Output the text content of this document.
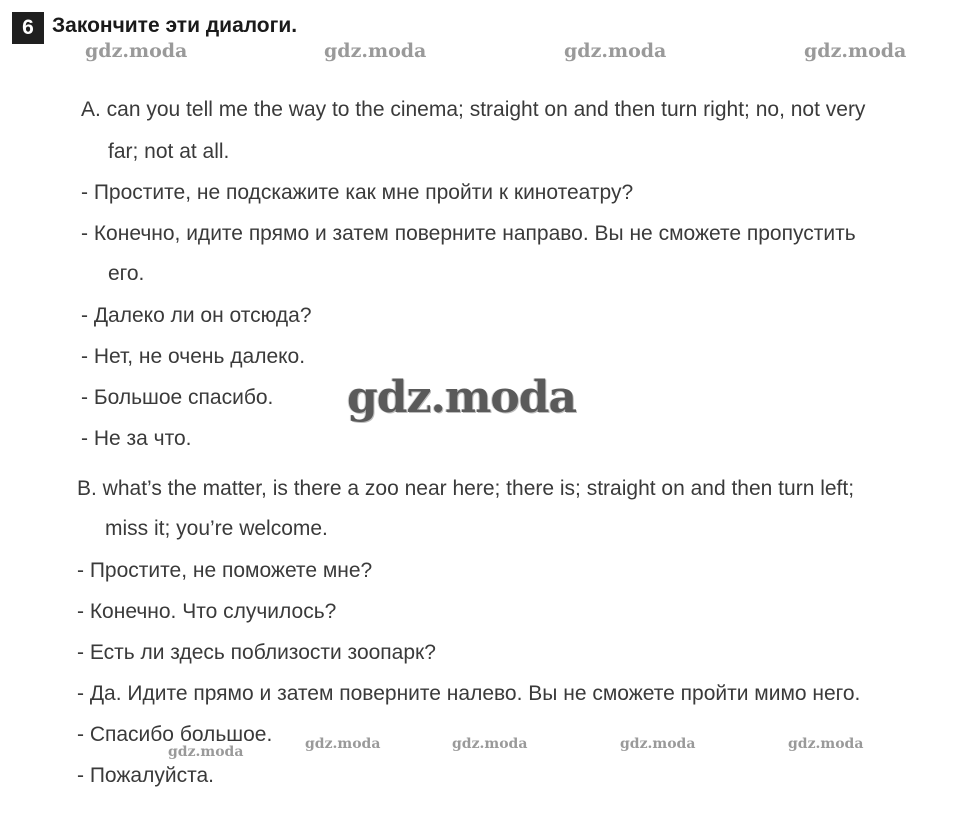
6 Закончите эти диалоги.
gdz.moda	gdz.moda	gdz.moda	gdz.moda
A. can you tell me the way to the cinema; straight on and then turn right; no, not very
far; not at all.
- Простите, не подскажите как мне пройти к кинотеатру?
- Конечно, идите прямо и затем поверните направо. Вы не сможете пропустить
его.
- Далеко ли он отсюда?
- Нет, не очень далеко.
- Большое спасибо.
- Не за что.
gdz.moda
B. what’s the matter, is there a zoo near here; there is; straight on and then turn left;
miss it; you’re welcome.
- Простите, не поможете мне?
- Конечно. Что случилось?
- Есть ли здесь поблизости зоопарк?
- Да. Идите прямо и затем поверните налево. Вы не сможете пройти мимо него.
- Спасибо большое.
- Пожалуйста.
gdz.moda	gdz.moda	gdz.moda	gdz.moda	gdz.moda
